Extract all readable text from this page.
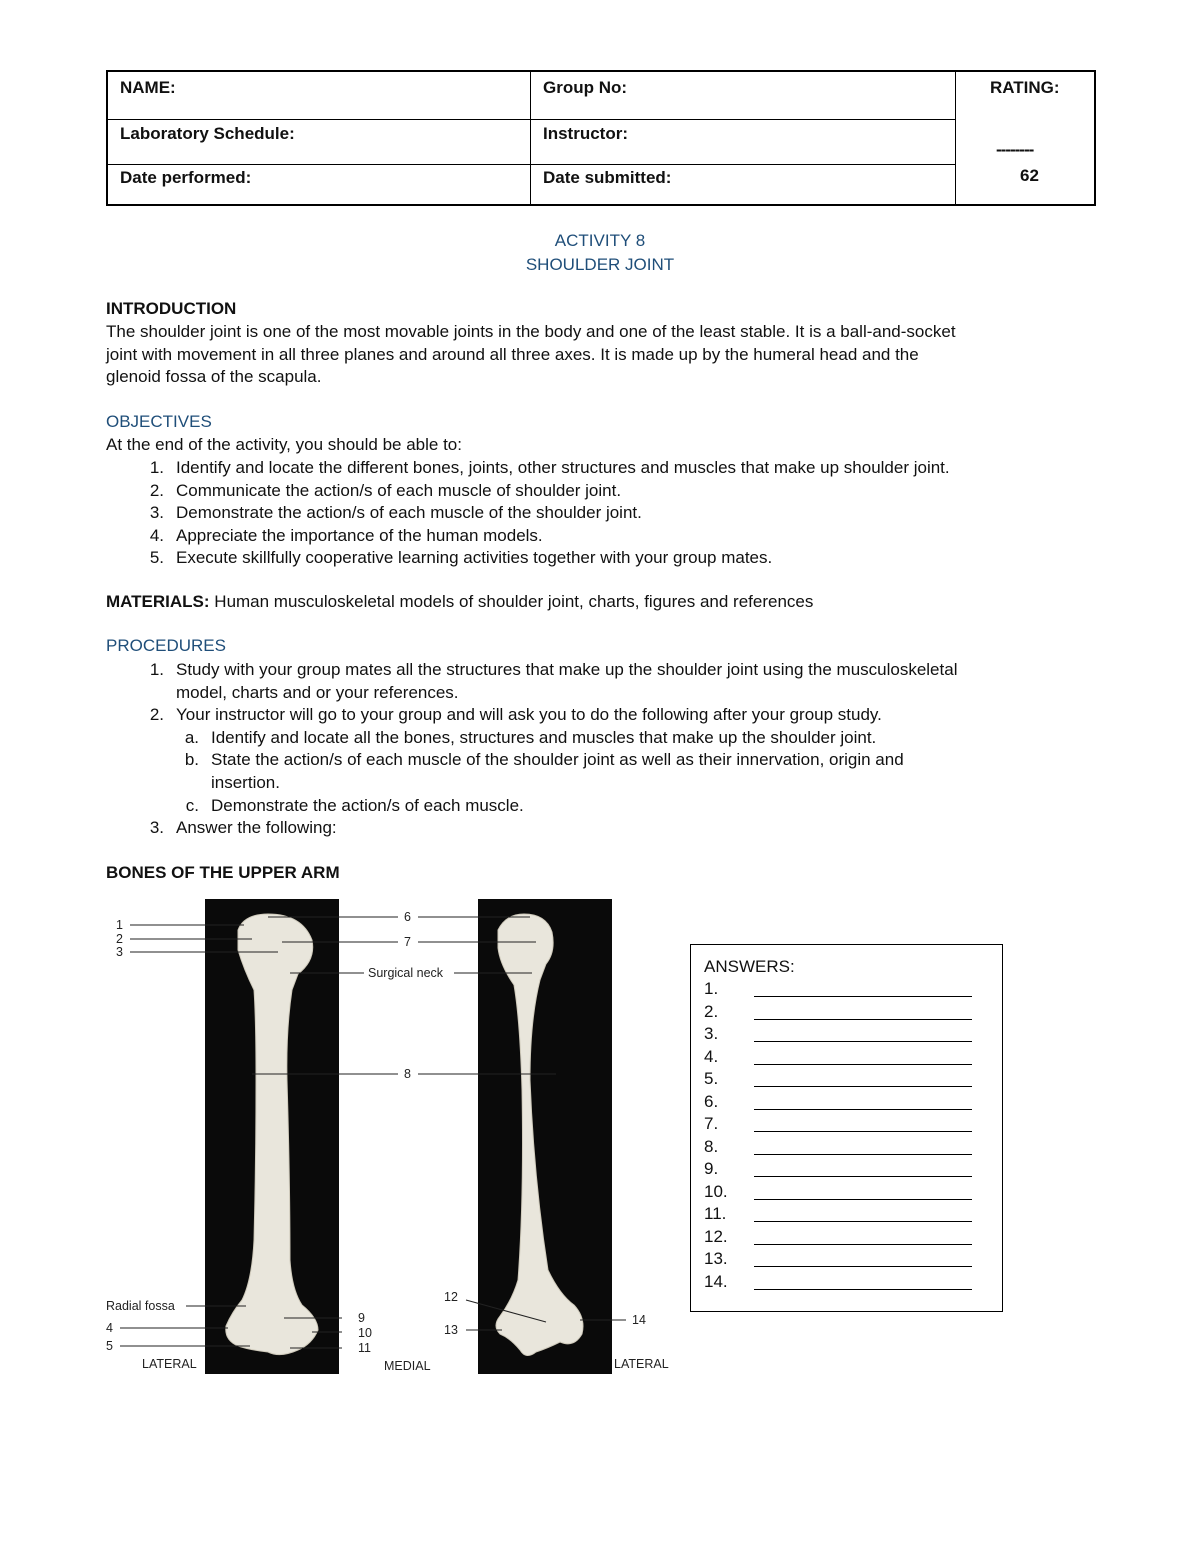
NAME:	Group No:	RATING:
Laboratory Schedule:	Instructor:
--------
Date performed:	Date submitted:	62
ACTIVITY 8
SHOULDER JOINT
INTRODUCTION
The shoulder joint is one of the most movable joints in the body and one of the least stable. It is a ball-and-socket
joint with movement in all three planes and around all three axes. It is made up by the humeral head and the
glenoid fossa of the scapula.
OBJECTIVES
At the end of the activity, you should be able to:
1. Identify and locate the different bones, joints, other structures and muscles that make up shoulder joint.
2. Communicate the action/s of each muscle of shoulder joint.
3. Demonstrate the action/s of each muscle of the shoulder joint.
4. Appreciate the importance of the human models.
5. Execute skillfully cooperative learning activities together with your group mates.
MATERIALS: Human musculoskeletal models of shoulder joint, charts, figures and references
PROCEDURES
1. Study with your group mates all the structures that make up the shoulder joint using the musculoskeletal
model, charts and or your references.
2. Your instructor will go to your group and will ask you to do the following after your group study.
a. Identify and locate all the bones, structures and muscles that make up the shoulder joint.
b. State the action/s of each muscle of the shoulder joint as well as their innervation, origin and
insertion.
c. Demonstrate the action/s of each muscle.
3. Answer the following:
BONES OF THE UPPER ARM
1
2
3
6
7
Surgical neck
8
Radial fossa
4
5
9
10
11
LATERAL	MEDIAL
12
13
14
LATERAL
ANSWERS:
1.
2.
3.
4.
5.
6.
7.
8.
9.
10.
11.
12.
13.
14.
